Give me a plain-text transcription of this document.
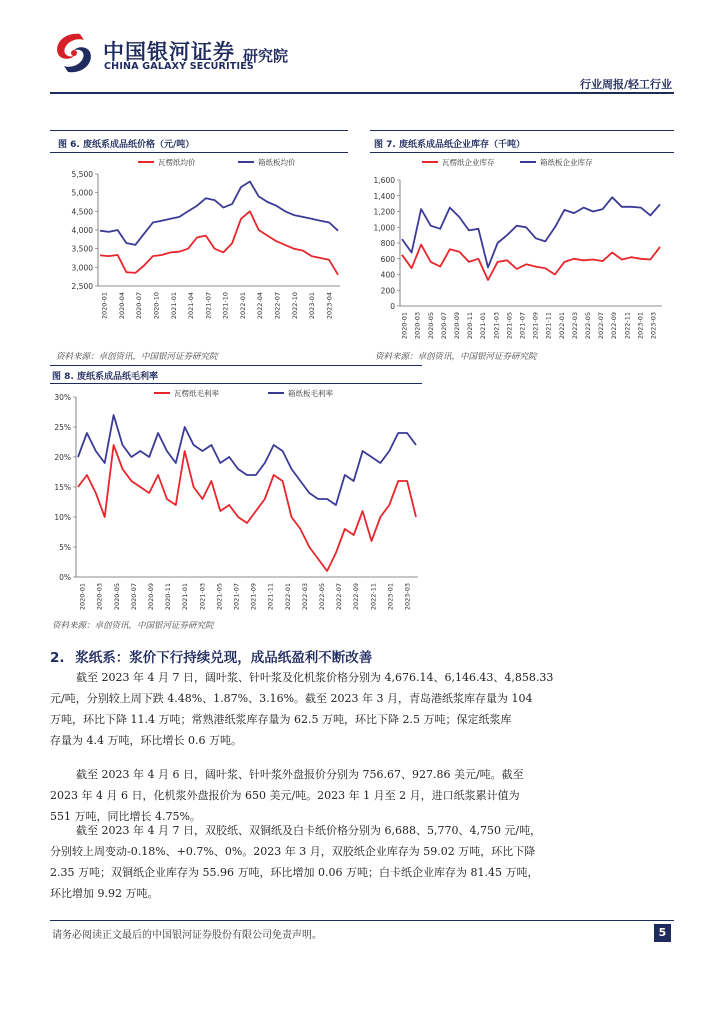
中国银河证券
CHINA GALAXY SECURITIES
研究院
行业周报/轻工行业
图 6. 废纸系成品纸价格（元/吨）
2,500
3,000
3,500
4,000
4,500
5,000
5,500
2020-01 2020-04 2020-07 2020-10 2021-01 2021-04 2021-07 2021-10 2022-01 2022-04 2022-07 2022-10 2023-01 2023-04
瓦楞纸均价	箱纸板均价
图 7. 废纸系成品纸企业库存（千吨）
0
200
400
600
800
1,000
1,200
1,400
1,600
2020-01 2020-03 2020-05 2020-07 2020-09 2020-11 2021-01 2021-03 2021-05 2021-07 2021-09 2021-11 2022-01 2022-03 2022-05 2022-07 2022-09 2022-11 2023-01 2023-03
瓦楞纸企业库存	箱纸板企业库存
资料来源：卓创资讯，中国银河证券研究院	资料来源：卓创资讯，中国银河证券研究院
图 8. 废纸系成品纸毛利率
0%
5%
10%
15%
20%
25%
30%
2020-01 2020-03 2020-05 2020-07 2020-09 2020-11 2021-01 2021-03 2021-05 2021-07 2021-09 2021-11 2022-01 2022-03 2022-05 2022-07 2022-09 2022-11 2023-01 2023-03
瓦楞纸毛利率	箱纸板毛利率
资料来源：卓创资讯，中国银河证券研究院
2. 浆纸系：浆价下行持续兑现，成品纸盈利不断改善
截至 2023 年 4 月 7 日，阔叶浆、针叶浆及化机浆价格分别为 4,676.14、6,146.43、4,858.33
元/吨，分别较上周下跌 4.48%、1.87%、3.16%。截至 2023 年 3 月，青岛港纸浆库存量为 104
万吨，环比下降 11.4 万吨；常熟港纸浆库存量为 62.5 万吨，环比下降 2.5 万吨；保定纸浆库
存量为 4.4 万吨，环比增长 0.6 万吨。
截至 2023 年 4 月 6 日，阔叶浆、针叶浆外盘报价分别为 756.67、927.86 美元/吨。截至
2023 年 4 月 6 日，化机浆外盘报价为 650 美元/吨。2023 年 1 月至 2 月，进口纸浆累计值为
551 万吨，同比增长 4.75%。
截至 2023 年 4 月 7 日，双胶纸、双铜纸及白卡纸价格分别为 6,688、5,770、4,750 元/吨，
分别较上周变动-0.18%、+0.7%、0%。2023 年 3 月，双胶纸企业库存为 59.02 万吨，环比下降
2.35 万吨；双铜纸企业库存为 55.96 万吨，环比增加 0.06 万吨；白卡纸企业库存为 81.45 万吨，
环比增加 9.92 万吨。
请务必阅读正文最后的中国银河证券股份有限公司免责声明。	5
